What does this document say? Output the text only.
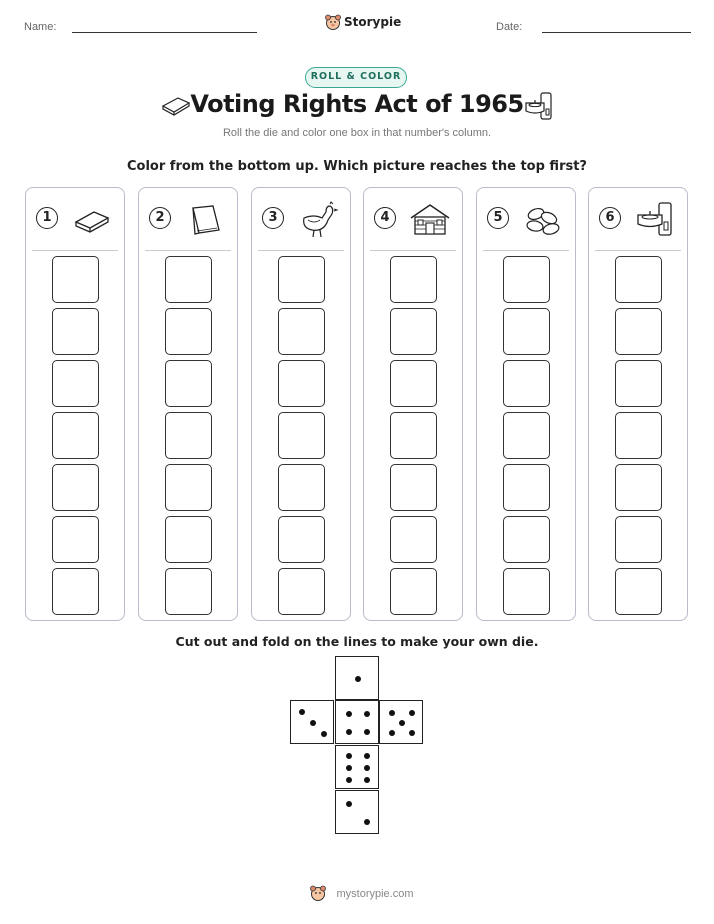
Name:	Storypie	Date:
ROLL & COLOR
Voting Rights Act of 1965
Roll the die and color one box in that number's column.
Color from the bottom up. Which picture reaches the top first?
1	2	3	4	5	6
Cut out and fold on the lines to make your own die.
mystorypie.com
